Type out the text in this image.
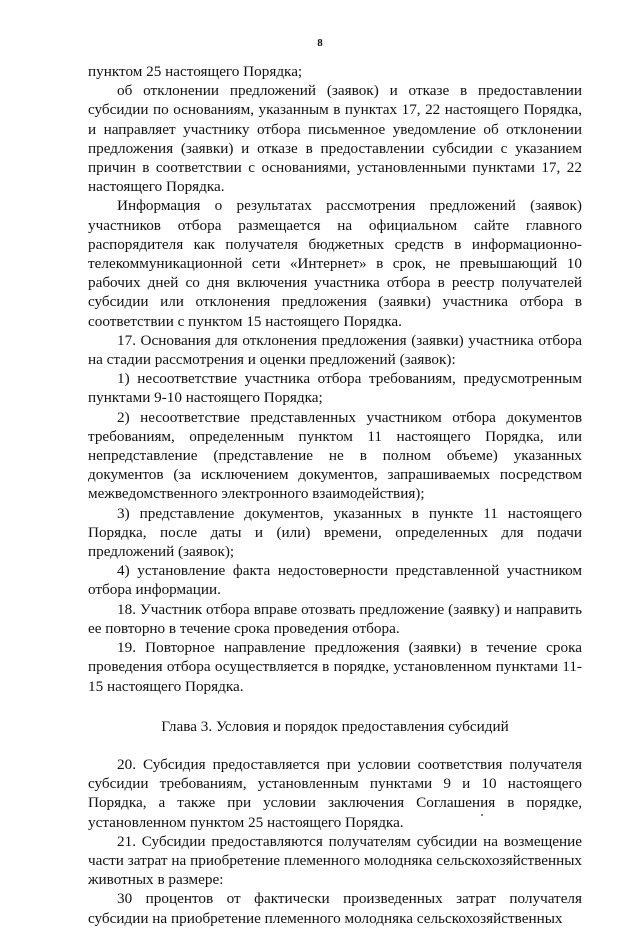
8

пунктом 25 настоящего Порядка;

об отклонении предложений (заявок) и отказе в предоставлении субсидии по основаниям, указанным в пунктах 17, 22 настоящего Порядка, и направляет участнику отбора письменное уведомление об отклонении предложения (заявки) и отказе в предоставлении субсидии с указанием причин в соответствии с основаниями, установленными пунктами 17, 22 настоящего Порядка.

Информация о результатах рассмотрения предложений (заявок) участников отбора размещается на официальном сайте главного распорядителя как получателя бюджетных средств в информационно-телекоммуникационной сети «Интернет» в срок, не превышающий 10 рабочих дней со дня включения участника отбора в реестр получателей субсидии или отклонения предложения (заявки) участника отбора в соответствии с пунктом 15 настоящего Порядка.

17. Основания для отклонения предложения (заявки) участника отбора на стадии рассмотрения и оценки предложений (заявок):

1) несоответствие участника отбора требованиям, предусмотренным пунктами 9-10 настоящего Порядка;

2) несоответствие представленных участником отбора документов требованиям, определенным пунктом 11 настоящего Порядка, или непредставление (представление не в полном объеме) указанных документов (за исключением документов, запрашиваемых посредством межведомственного электронного взаимодействия);

3) представление документов, указанных в пункте 11 настоящего Порядка, после даты и (или) времени, определенных для подачи предложений (заявок);

4) установление факта недостоверности представленной участником отбора информации.

18. Участник отбора вправе отозвать предложение (заявку) и направить ее повторно в течение срока проведения отбора.

19. Повторное направление предложения (заявки) в течение срока проведения отбора осуществляется в порядке, установленном пунктами 11-15 настоящего Порядка.

Глава 3. Условия и порядок предоставления субсидий

20. Субсидия предоставляется при условии соответствия получателя субсидии требованиям, установленным пунктами 9 и 10 настоящего Порядка, а также при условии заключения Соглашения в порядке, установленном пунктом 25 настоящего Порядка.

21. Субсидии предоставляются получателям субсидии на возмещение части затрат на приобретение племенного молодняка сельскохозяйственных животных в размере:

30 процентов от фактически произведенных затрат получателя субсидии на приобретение племенного молодняка сельскохозяйственных
